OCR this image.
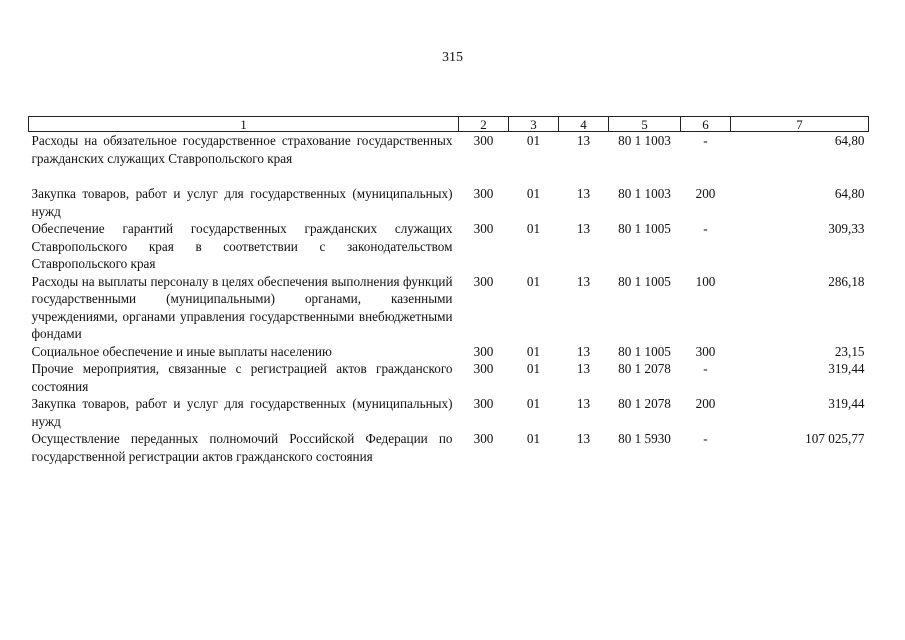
315
1	2	3	4	5	6	7
Расходы на обязательное государственное страхование государственных гражданских служащих Ставропольского края	300	01	13	80 1 1003	-	64,80

Закупка товаров, работ и услуг для государственных (муниципальных) нужд	300	01	13	80 1 1003	200	64,80
Обеспечение гарантий государственных гражданских служащих Ставропольского края в соответствии с законодательством Ставропольского края	300	01	13	80 1 1005	-	309,33
Расходы на выплаты персоналу в целях обеспечения выполнения функций государственными (муниципальными) органами, казенными учреждениями, органами управления государственными внебюджетными фондами	300	01	13	80 1 1005	100	286,18
Социальное обеспечение и иные выплаты населению	300	01	13	80 1 1005	300	23,15
Прочие мероприятия, связанные с регистрацией актов гражданского состояния	300	01	13	80 1 2078	-	319,44
Закупка товаров, работ и услуг для государственных (муниципальных) нужд	300	01	13	80 1 2078	200	319,44
Осуществление переданных полномочий Российской Федерации по государственной регистрации актов гражданского состояния	300	01	13	80 1 5930	-	107 025,77
